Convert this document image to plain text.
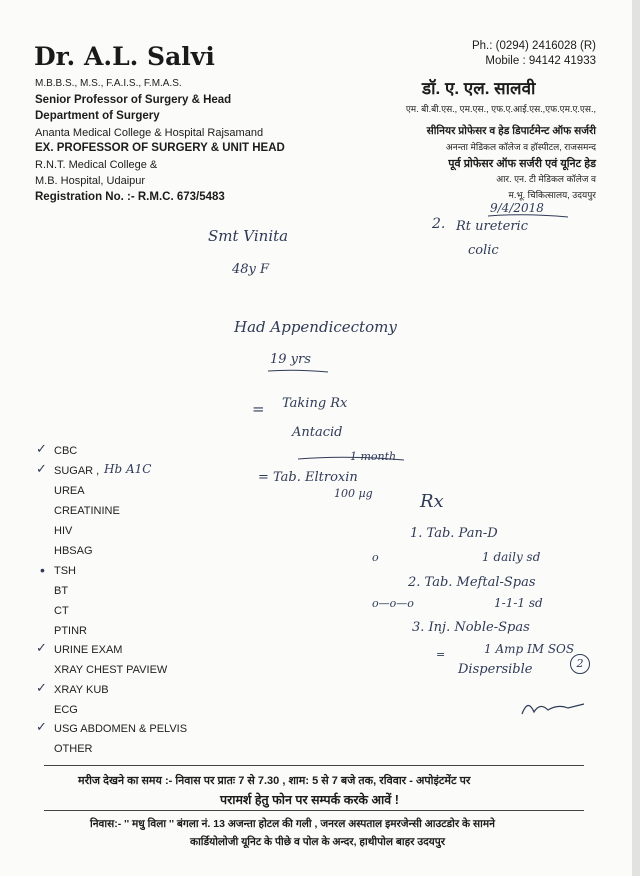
Dr. A.L. Salvi
M.B.B.S., M.S., F.A.I.S., F.M.A.S.
Senior Professor of Surgery & Head
Department of Surgery
Ananta Medical College & Hospital Rajsamand
EX. PROFESSOR OF SURGERY & UNIT HEAD
R.N.T. Medical College &
M.B. Hospital, Udaipur
Registration No. :- R.M.C. 673/5483
Ph.: (0294) 2416028 (R)
Mobile : 94142 41933
डॉ. ए. एल. सालवी
एम. बी.बी.एस., एम.एस., एफ.ए.आई.एस.,एफ.एम.ए.एस.,
सीनियर प्रोफेसर व हेड डिपार्टमेन्ट ऑफ सर्जरी
अनन्ता मेडिकल कॉलेज व हॉस्पीटल, राजसमन्द
पूर्व प्रोफेसर ऑफ सर्जरी एवं यूनिट हेड
आर. एन. टी मेडिकल कॉलेज व
म.भू. चिकित्सालय, उदयपुर
9/4/2018
2. Rt ureteric
colic
Smt Vinita
48y F
Had Appendicectomy
19 yrs
= Taking Rx
Antacid
1 month
= Tab. Eltroxin
100 µg
CBC
SUGAR ,
UREA
CREATININE
HIV
HBSAG
TSH
BT
CT
PTINR
URINE EXAM
XRAY CHEST PAVIEW
XRAY KUB
ECG
USG ABDOMEN & PELVIS
OTHER
✓
✓
•
✓
✓
✓
Hb A1C
Rx
1. Tab. Pan-D
1 daily sd
o
2. Tab. Meftal-Spas
o—o—o	1-1-1 sd
3. Inj. Noble-Spas
1 Amp IM SOS
=
Dispersible	2
मरीज देखने का समय :- निवास पर प्रातः 7 से 7.30 , शाम: 5 से 7 बजे तक, रविवार - अपोइंटमेंट पर
परामर्श हेतु फोन पर सम्पर्क करके आवें !
निवास:- '' मधु विला '' बंगला नं. 13 अजन्ता होटल की गली , जनरल अस्पताल इमरजेन्सी आउटडोर के सामने
कार्डियोलोजी यूनिट के पीछे व पोल के अन्दर, हाथीपोल बाहर उदयपुर
